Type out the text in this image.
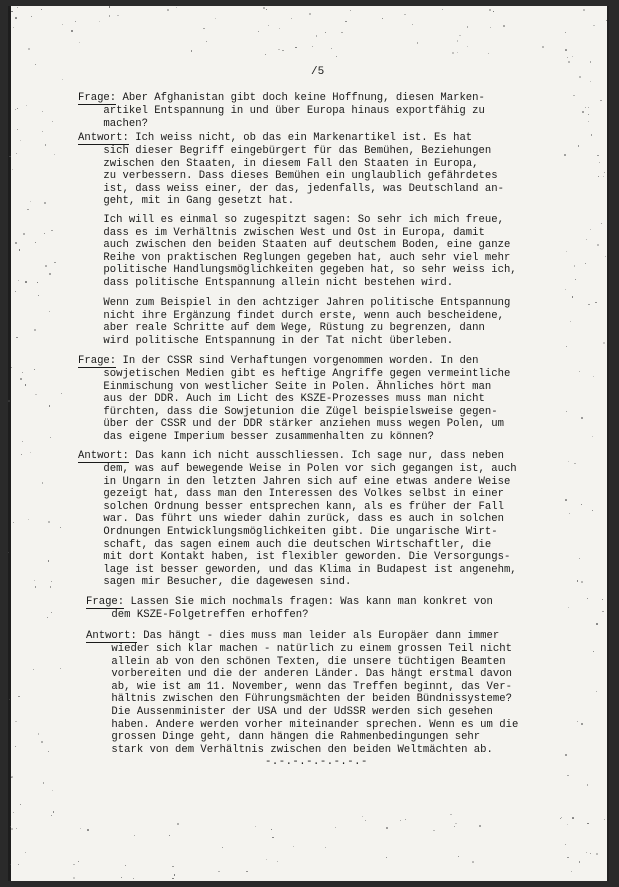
/5
Frage: Aber Afghanistan gibt doch keine Hoffnung, diesen Marken-
artikel Entspannung in und über Europa hinaus exportfähig zu
machen?
Antwort: Ich weiss nicht, ob das ein Markenartikel ist. Es hat
sich dieser Begriff eingebürgert für das Bemühen, Beziehungen
zwischen den Staaten, in diesem Fall den Staaten in Europa,
zu verbessern. Dass dieses Bemühen ein unglaublich gefährdetes
ist, dass weiss einer, der das, jedenfalls, was Deutschland an-
geht, mit in Gang gesetzt hat.
Ich will es einmal so zugespitzt sagen: So sehr ich mich freue,
dass es im Verhältnis zwischen West und Ost in Europa, damit
auch zwischen den beiden Staaten auf deutschem Boden, eine ganze
Reihe von praktischen Reglungen gegeben hat, auch sehr viel mehr
politische Handlungsmöglichkeiten gegeben hat, so sehr weiss ich,
dass politische Entspannung allein nicht bestehen wird.
Wenn zum Beispiel in den achtziger Jahren politische Entspannung
nicht ihre Ergänzung findet durch erste, wenn auch bescheidene,
aber reale Schritte auf dem Wege, Rüstung zu begrenzen, dann
wird politische Entspannung in der Tat nicht überleben.
Frage: In der CSSR sind Verhaftungen vorgenommen worden. In den
sowjetischen Medien gibt es heftige Angriffe gegen vermeintliche
Einmischung von westlicher Seite in Polen. Ähnliches hört man
aus der DDR. Auch im Licht des KSZE-Prozesses muss man nicht
fürchten, dass die Sowjetunion die Zügel beispielsweise gegen-
über der CSSR und der DDR stärker anziehen muss wegen Polen, um
das eigene Imperium besser zusammenhalten zu können?
Antwort: Das kann ich nicht ausschliessen. Ich sage nur, dass neben
dem, was auf bewegende Weise in Polen vor sich gegangen ist, auch
in Ungarn in den letzten Jahren sich auf eine etwas andere Weise
gezeigt hat, dass man den Interessen des Volkes selbst in einer
solchen Ordnung besser entsprechen kann, als es früher der Fall
war. Das führt uns wieder dahin zurück, dass es auch in solchen
Ordnungen Entwicklungsmöglichkeiten gibt. Die ungarische Wirt-
schaft, das sagen einem auch die deutschen Wirtschaftler, die
mit dort Kontakt haben, ist flexibler geworden. Die Versorgungs-
lage ist besser geworden, und das Klima in Budapest ist angenehm,
sagen mir Besucher, die dagewesen sind.
Frage: Lassen Sie mich nochmals fragen: Was kann man konkret von
dem KSZE-Folgetreffen erhoffen?
Antwort: Das hängt - dies muss man leider als Europäer dann immer
wieder sich klar machen - natürlich zu einem grossen Teil nicht
allein ab von den schönen Texten, die unsere tüchtigen Beamten
vorbereiten und die der anderen Länder. Das hängt erstmal davon
ab, wie ist am 11. November, wenn das Treffen beginnt, das Ver-
hältnis zwischen den Führungsmächten der beiden Bündnissysteme?
Die Aussenminister der USA und der UdSSR werden sich gesehen
haben. Andere werden vorher miteinander sprechen. Wenn es um die
grossen Dinge geht, dann hängen die Rahmenbedingungen sehr
stark von dem Verhältnis zwischen den beiden Weltmächten ab.
-.-.-.-.-.-.-.-
